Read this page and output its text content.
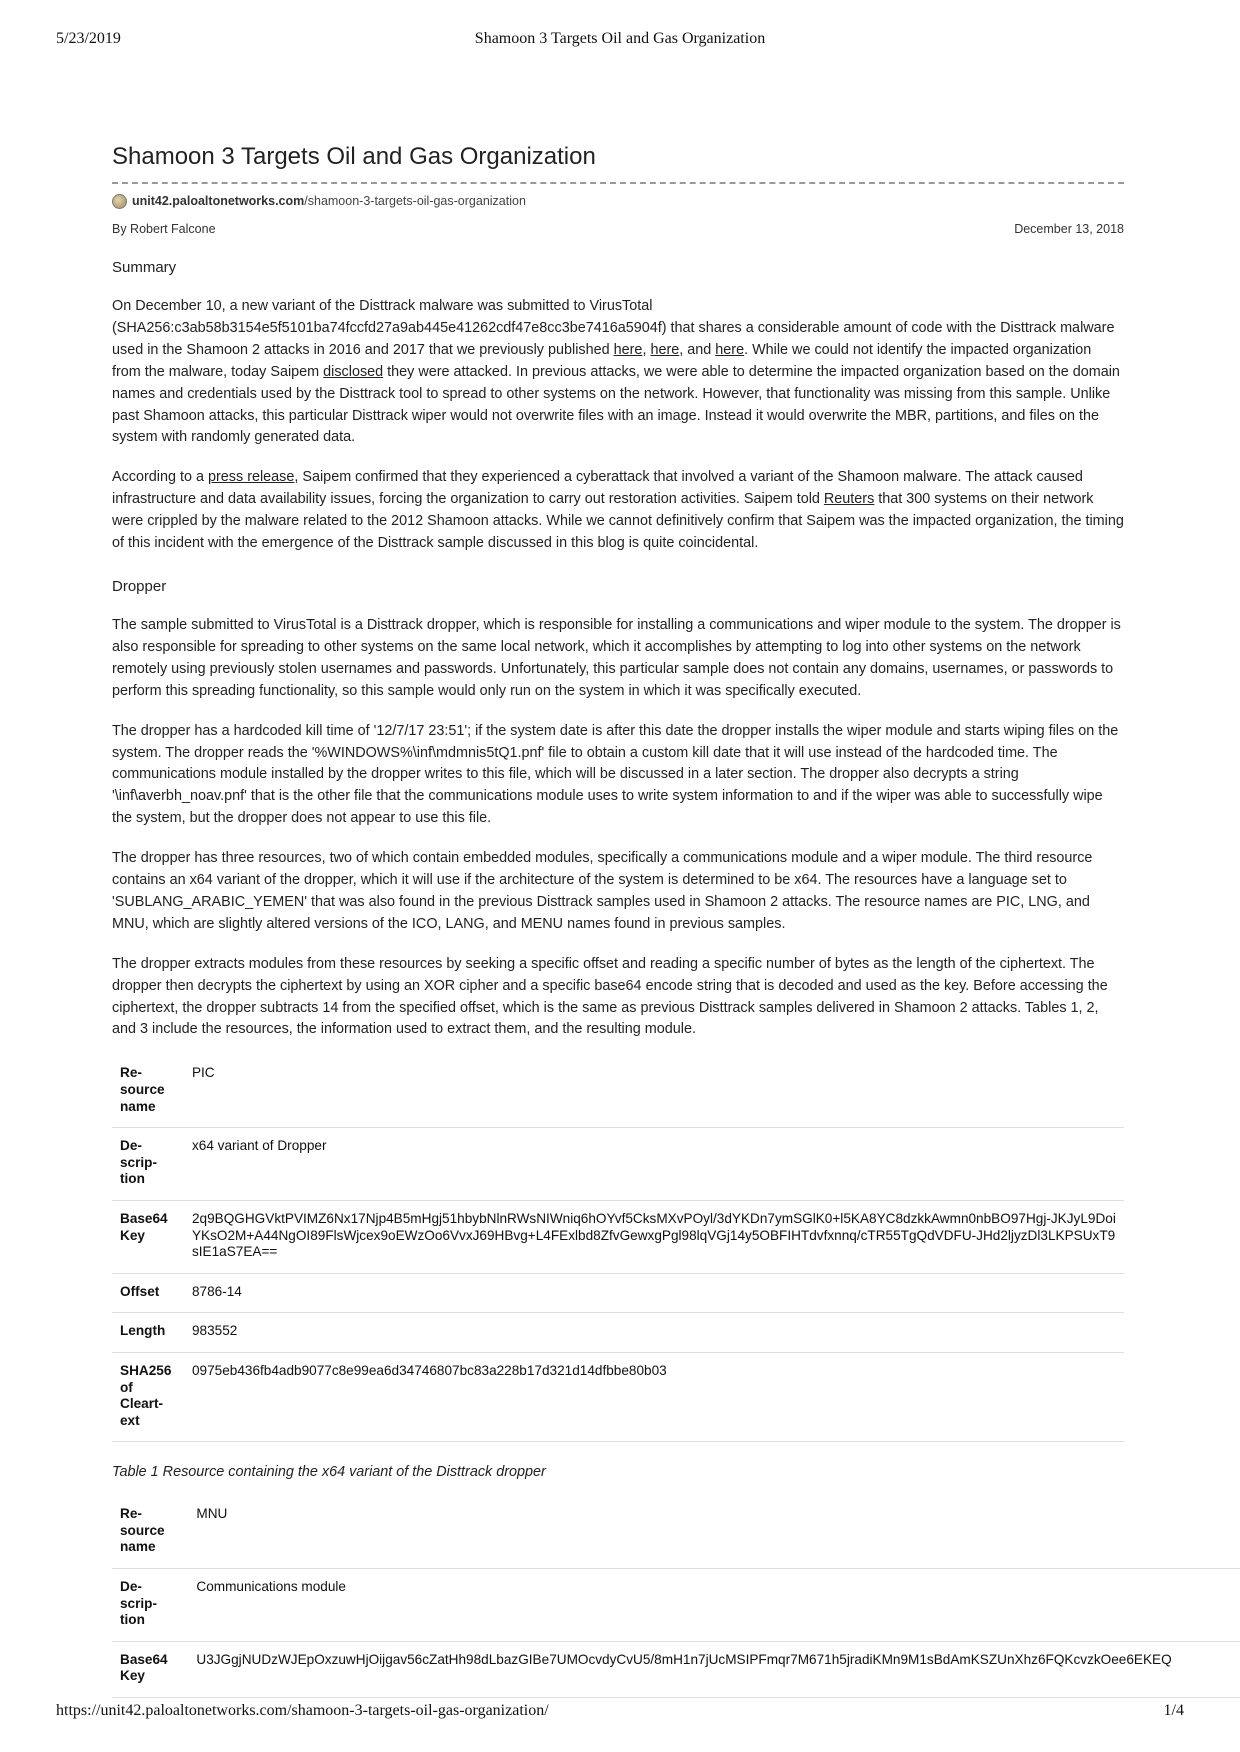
Shamoon 3 Targets Oil and Gas Organization
5/23/2019
Shamoon 3 Targets Oil and Gas Organization
unit42.paloaltonetworks.com /shamoon-3-targets-oil-gas-organization
By Robert Falcone	December 13, 2018
Summary

On December 10, a new variant of the Disttrack malware was submitted to VirusTotal (SHA256:c3ab58b3154e5f5101ba74fccfd27a9ab445e41262cdf47e8cc3be7416a5904f) that shares a considerable amount of code with the Disttrack malware used in the Shamoon 2 attacks in 2016 and 2017 that we previously published here, here, and here. While we could not identify the impacted organization from the malware, today Saipem disclosed they were attacked. In previous attacks, we were able to determine the impacted organization based on the domain names and credentials used by the Disttrack tool to spread to other systems on the network. However, that functionality was missing from this sample. Unlike past Shamoon attacks, this particular Disttrack wiper would not overwrite files with an image. Instead it would overwrite the MBR, partitions, and files on the system with randomly generated data.

According to a press release, Saipem confirmed that they experienced a cyberattack that involved a variant of the Shamoon malware. The attack caused infrastructure and data availability issues, forcing the organization to carry out restoration activities. Saipem told Reuters that 300 systems on their network were crippled by the malware related to the 2012 Shamoon attacks. While we cannot definitively confirm that Saipem was the impacted organization, the timing of this incident with the emergence of the Disttrack sample discussed in this blog is quite coincidental.

Dropper

The sample submitted to VirusTotal is a Disttrack dropper, which is responsible for installing a communications and wiper module to the system. The dropper is also responsible for spreading to other systems on the same local network, which it accomplishes by attempting to log into other systems on the network remotely using previously stolen usernames and passwords. Unfortunately, this particular sample does not contain any domains, usernames, or passwords to perform this spreading functionality, so this sample would only run on the system in which it was specifically executed.

The dropper has a hardcoded kill time of '12/7/17 23:51'; if the system date is after this date the dropper installs the wiper module and starts wiping files on the system. The dropper reads the '%WINDOWS%\inf\mdmnis5tQ1.pnf' file to obtain a custom kill date that it will use instead of the hardcoded time. The communications module installed by the dropper writes to this file, which will be discussed in a later section. The dropper also decrypts a string '\inf\averbh_noav.pnf' that is the other file that the communications module uses to write system information to and if the wiper was able to successfully wipe the system, but the dropper does not appear to use this file.

The dropper has three resources, two of which contain embedded modules, specifically a communications module and a wiper module. The third resource contains an x64 variant of the dropper, which it will use if the architecture of the system is determined to be x64. The resources have a language set to 'SUBLANG_ARABIC_YEMEN' that was also found in the previous Disttrack samples used in Shamoon 2 attacks. The resource names are PIC, LNG, and MNU, which are slightly altered versions of the ICO, LANG, and MENU names found in previous samples.

The dropper extracts modules from these resources by seeking a specific offset and reading a specific number of bytes as the length of the ciphertext. The dropper then decrypts the ciphertext by using an XOR cipher and a specific base64 encode string that is decoded and used as the key. Before accessing the ciphertext, the dropper subtracts 14 from the specified offset, which is the same as previous Disttrack samples delivered in Shamoon 2 attacks. Tables 1, 2, and 3 include the resources, the information used to extract them, and the resulting module.

Re-
source
name	PIC
De-
scrip-
tion	x64 variant of Dropper
Base64
Key	2q9BQGHGVktPVIMZ6Nx17Njp4B5mHgj51hbybNlnRWsNIWniq6hOYvf5CksMXvPOyl/3dYKDn7ymSGlK0+l5KA8YC8dzkkAwmn0nbBO97Hgj-JKJyL9DoiYKsO2M+A44NgOI89FlsWjcex9oEWzOo6VvxJ69HBvg+L4FExlbd8ZfvGewxgPgl98lqVGj14y5OBFIHTdvfxnnq/cTR55TgQdVDFU-JHd2ljyzDl3LKPSUxT9sIE1aS7EA==
Offset	8786-14
Length	983552
SHA256
of
Cleart-
ext	0975eb436fb4adb9077c8e99ea6d34746807bc83a228b17d321d14dfbbe80b03
Table 1 Resource containing the x64 variant of the Disttrack dropper
Re-
source
name	MNU
De-
scrip-
tion	Communications module
Base64
Key	U3JGgjNUDzWJEpOxzuwHjOijgav56cZatHh98dLbazGIBe7UMOcvdyCvU5/8mH1n7jUcMSIPFmqr7M671h5jradiKMn9M1sBdAmKSZUnXhz6FQKcvzkOee6EKEQ
https://unit42.paloaltonetworks.com/shamoon-3-targets-oil-gas-organization/	1/4
